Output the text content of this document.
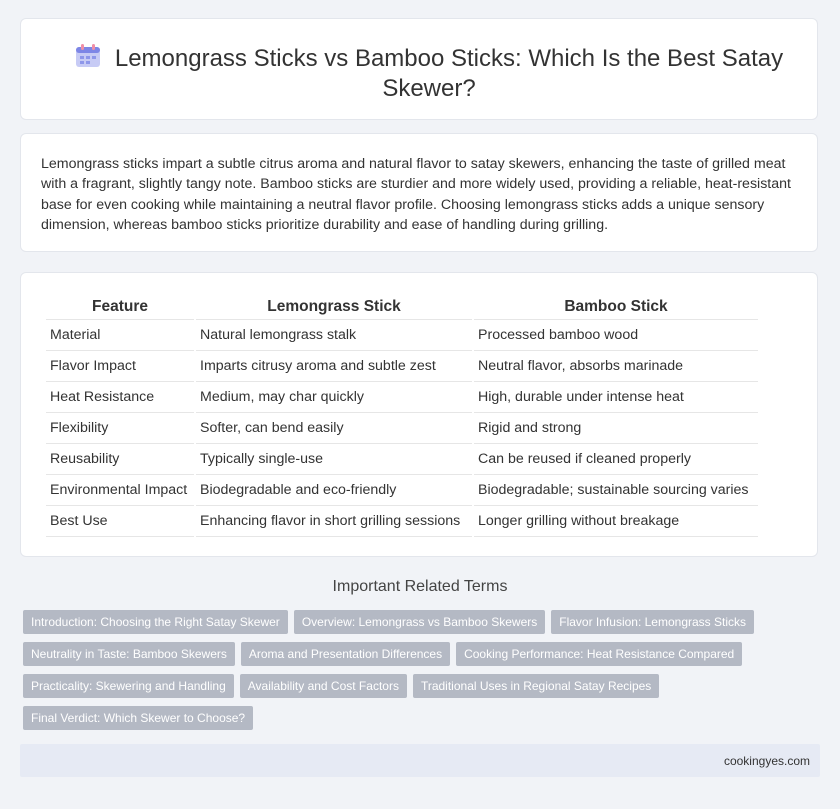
Lemongrass Sticks vs Bamboo Sticks: Which Is the Best Satay Skewer?

Lemongrass sticks impart a subtle citrus aroma and natural flavor to satay skewers, enhancing the taste of grilled meat with a fragrant, slightly tangy note. Bamboo sticks are sturdier and more widely used, providing a reliable, heat-resistant base for even cooking while maintaining a neutral flavor profile. Choosing lemongrass sticks adds a unique sensory dimension, whereas bamboo sticks prioritize durability and ease of handling during grilling.

Feature	Lemongrass Stick	Bamboo Stick
Material	Natural lemongrass stalk	Processed bamboo wood
Flavor Impact	Imparts citrusy aroma and subtle zest	Neutral flavor, absorbs marinade
Heat Resistance	Medium, may char quickly	High, durable under intense heat
Flexibility	Softer, can bend easily	Rigid and strong
Reusability	Typically single-use	Can be reused if cleaned properly
Environmental Impact	Biodegradable and eco-friendly	Biodegradable; sustainable sourcing varies
Best Use	Enhancing flavor in short grilling sessions	Longer grilling without breakage
Important Related Terms
Introduction: Choosing the Right Satay Skewer Overview: Lemongrass vs Bamboo Skewers Flavor Infusion: Lemongrass SticksNeutrality in Taste: Bamboo Skewers Aroma and Presentation Differences Cooking Performance: Heat Resistance ComparedPracticality: Skewering and Handling Availability and Cost Factors Traditional Uses in Regional Satay RecipesFinal Verdict: Which Skewer to Choose?
cookingyes.com
